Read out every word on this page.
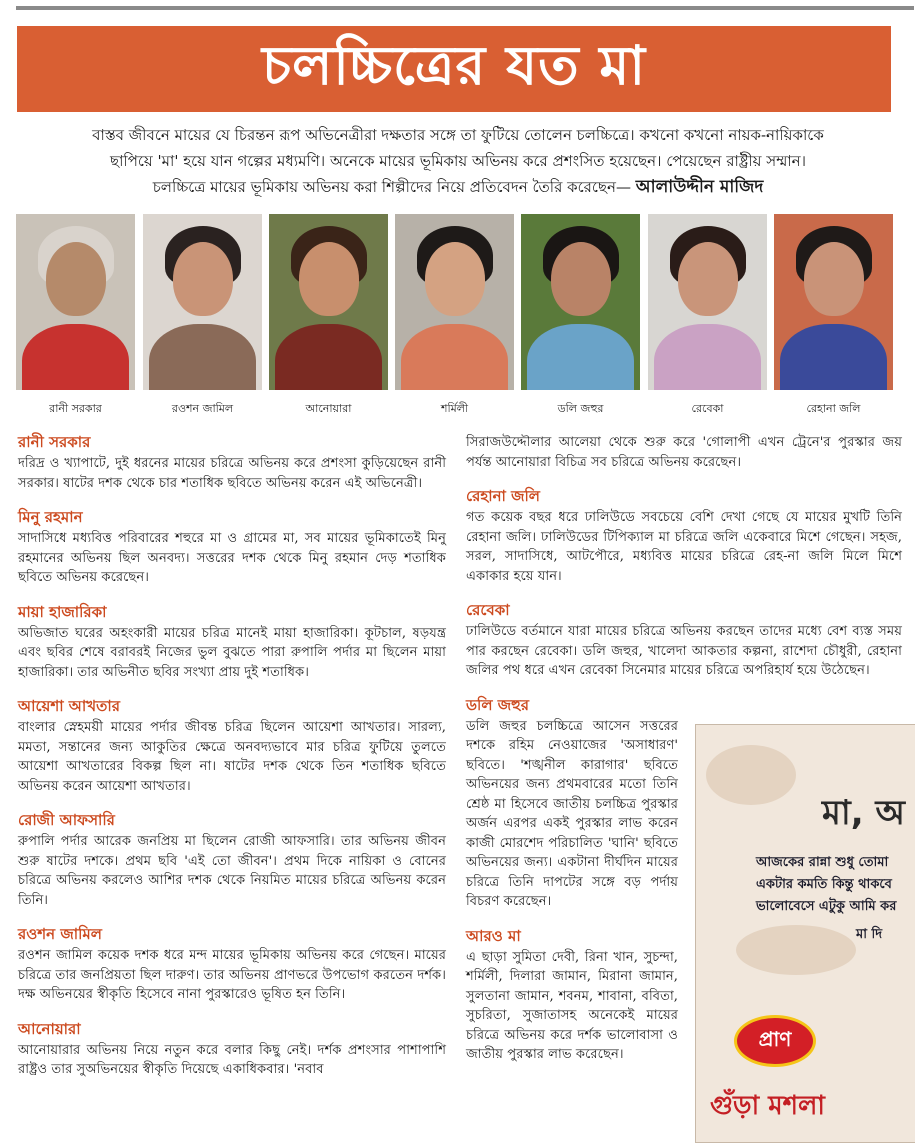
চলচ্চিত্রের যত মা
বাস্তব জীবনে মায়ের যে চিরন্তন রূপ অভিনেত্রীরা দক্ষতার সঙ্গে তা ফুটিয়ে তোলেন চলচ্চিত্রে। কখনো কখনো নায়ক-নায়িকাকে
ছাপিয়ে 'মা' হয়ে যান গল্পের মধ্যমণি। অনেকে মায়ের ভূমিকায় অভিনয় করে প্রশংসিত হয়েছেন। পেয়েছেন রাষ্ট্রীয় সম্মান।
চলচ্চিত্রে মায়ের ভূমিকায় অভিনয় করা শিল্পীদের নিয়ে প্রতিবেদন তৈরি করেছেন— আলাউদ্দীন মাজিদ
রানী সরকার	রওশন জামিল	আনোয়ারা	শর্মিলী	ডলি জহুর	রেবেকা	রেহানা জলি
রানী সরকার

দরিদ্র ও খ্যাপাটে, দুই ধরনের মায়ের চরিত্রে অভিনয় করে প্রশংসা কুড়িয়েছেন রানী সরকার। ষাটের দশক থেকে চার শতাধিক ছবিতে অভিনয় করেন এই অভিনেত্রী।

মিনু রহমান

সাদাসিধে মধ্যবিত্ত পরিবারের শহুরে মা ও গ্রামের মা, সব মায়ের ভূমিকাতেই মিনু রহমানের অভিনয় ছিল অনবদ্য। সত্তরের দশক থেকে মিনু রহমান দেড় শতাধিক ছবিতে অভিনয় করেছেন।

মায়া হাজারিকা

অভিজাত ঘরের অহংকারী মায়ের চরিত্র মানেই মায়া হাজারিকা। কূটচাল, ষড়যন্ত্র এবং ছবির শেষে বরাবরই নিজের ভুল বুঝতে পারা রুপালি পর্দার মা ছিলেন মায়া হাজারিকা। তার অভিনীত ছবির সংখ্যা প্রায় দুই শতাধিক।

আয়েশা আখতার

বাংলার স্নেহময়ী মায়ের পর্দার জীবন্ত চরিত্র ছিলেন আয়েশা আখতার। সারল্য, মমতা, সন্তানের জন্য আকুতির ক্ষেত্রে অনবদ্যভাবে মার চরিত্র ফুটিয়ে তুলতে আয়েশা আখতারের বিকল্প ছিল না। ষাটের দশক থেকে তিন শতাধিক ছবিতে অভিনয় করেন আয়েশা আখতার।

রোজী আফসারি

রুপালি পর্দার আরেক জনপ্রিয় মা ছিলেন রোজী আফসারি। তার অভিনয় জীবন শুরু ষাটের দশকে। প্রথম ছবি 'এই তো জীবন'। প্রথম দিকে নায়িকা ও বোনের চরিত্রে অভিনয় করলেও আশির দশক থেকে নিয়মিত মায়ের চরিত্রে অভিনয় করেন তিনি।

রওশন জামিল

রওশন জামিল কয়েক দশক ধরে মন্দ মায়ের ভূমিকায় অভিনয় করে গেছেন। মায়ের চরিত্রে তার জনপ্রিয়তা ছিল দারুণ। তার অভিনয় প্রাণভরে উপভোগ করতেন দর্শক। দক্ষ অভিনয়ের স্বীকৃতি হিসেবে নানা পুরস্কারেও ভূষিত হন তিনি।

আনোয়ারা

আনোয়ারার অভিনয় নিয়ে নতুন করে বলার কিছু নেই। দর্শক প্রশংসার পাশাপাশি রাষ্ট্রও তার সুঅভিনয়ের স্বীকৃতি দিয়েছে একাধিকবার। 'নবাব

সিরাজউদ্দৌলার আলেয়া থেকে শুরু করে 'গোলাপী এখন ট্রেনে'র পুরস্কার জয় পর্যন্ত আনোয়ারা বিচিত্র সব চরিত্রে অভিনয় করেছেন।

রেহানা জলি

গত কয়েক বছর ধরে ঢালিউডে সবচেয়ে বেশি দেখা গেছে যে মায়ের মুখটি তিনি রেহানা জলি। ঢালিউডের টিপিক্যাল মা চরিত্রে জলি একেবারে মিশে গেছেন। সহজ, সরল, সাদাসিধে, আটপৌরে, মধ্যবিত্ত মায়ের চরিত্রে রেহ-না জলি মিলে মিশে একাকার হয়ে যান।

রেবেকা

ঢালিউডে বর্তমানে যারা মায়ের চরিত্রে অভিনয় করছেন তাদের মধ্যে বেশ ব্যস্ত সময় পার করছেন রেবেকা। ডলি জহুর, খালেদা আকতার কল্পনা, রাশেদা চৌধুরী, রেহানা জলির পথ ধরে এখন রেবেকা সিনেমার মায়ের চরিত্রে অপরিহার্য হয়ে উঠেছেন।

ডলি জহুর

ডলি জহুর চলচ্চিত্রে আসেন সত্তরের দশকে রহিম নেওয়াজের 'অসাধারণ' ছবিতে। 'শঙ্খনীল কারাগার' ছবিতে অভিনয়ের জন্য প্রথমবারের মতো তিনি শ্রেষ্ঠ মা হিসেবে জাতীয় চলচ্চিত্র পুরস্কার অর্জন এরপর একই পুরস্কার লাভ করেন কাজী মোরশেদ পরিচালিত 'ঘানি' ছবিতে অভিনয়ের জন্য। একটানা দীর্ঘদিন মায়ের চরিত্রে তিনি দাপটের সঙ্গে বড় পর্দায় বিচরণ করেছেন।

আরও মা

এ ছাড়া সুমিতা দেবী, রিনা খান, সুচন্দা, শর্মিলী, দিলারা জামান, মিরানা জামান, সুলতানা জামান, শবনম, শাবানা, ববিতা, সুচরিতা, সুজাতাসহ অনেকেই মায়ের চরিত্রে অভিনয় করে দর্শক ভালোবাসা ও জাতীয় পুরস্কার লাভ করেছেন।

মা, অ
আজকের রান্না শুধু তোমা
একটার কমতি কিন্তু থাকবে
ভালোবেসে এটুকু আমি কর
মা দি
প্রাণ
গুঁড়া মশলা
